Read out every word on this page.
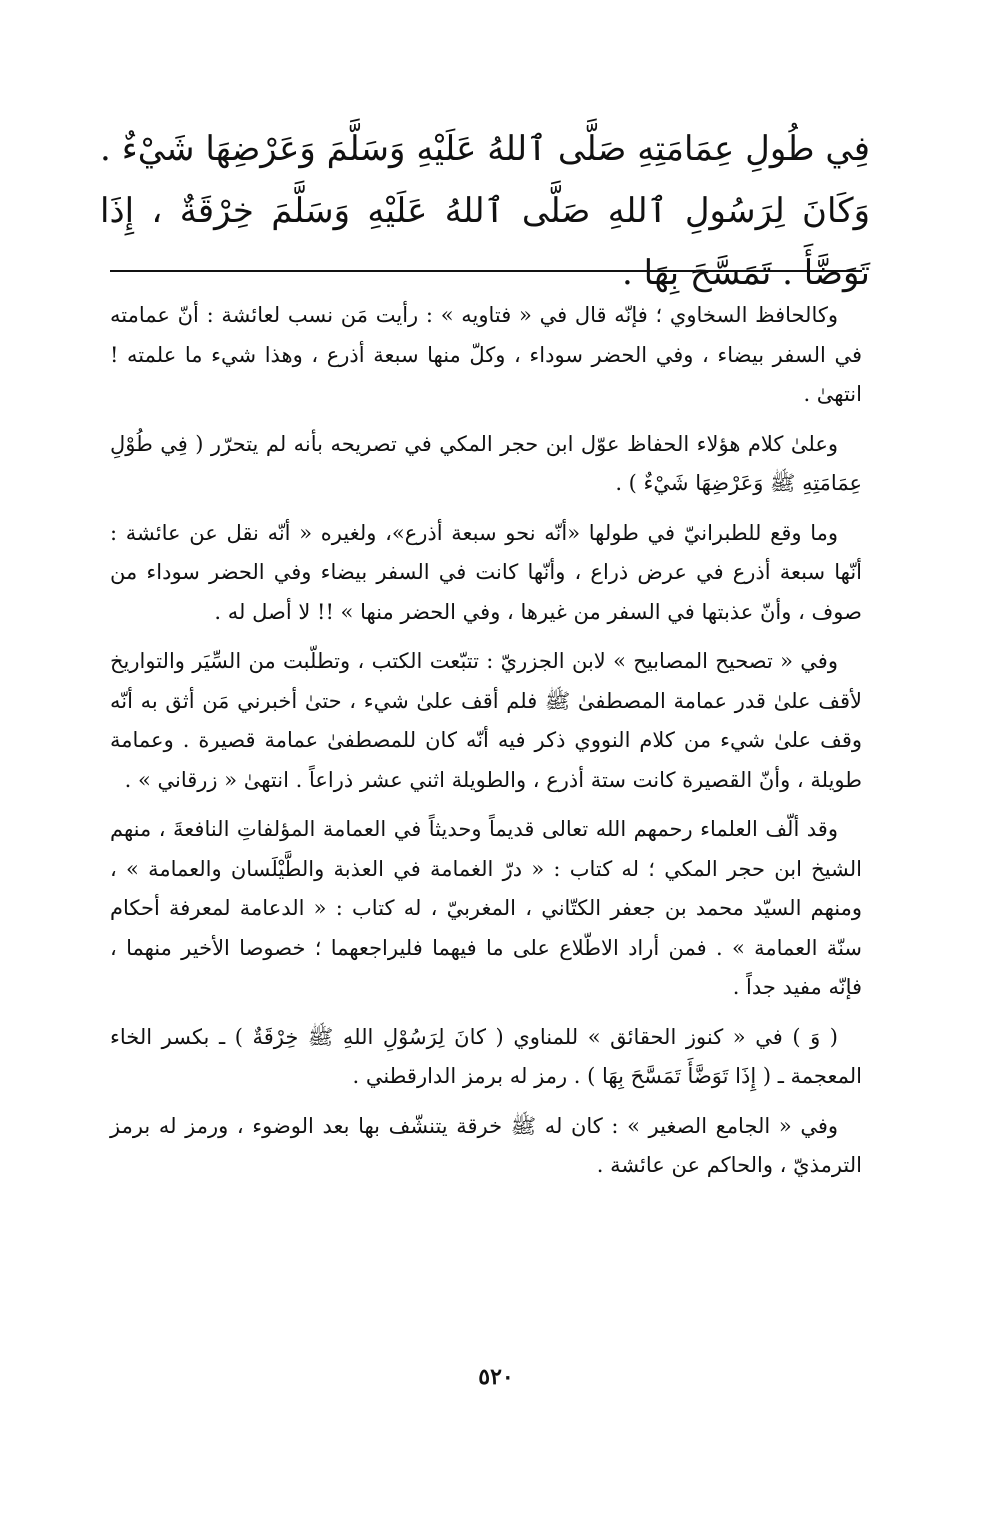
فِي طُولِ عِمَامَتِهِ صَلَّى ٱللهُ عَلَيْهِ وَسَلَّمَ وَعَرْضِهَا شَيْءٌ . وَكَانَ لِرَسُولِ ٱللهِ صَلَّى ٱللهُ عَلَيْهِ وَسَلَّمَ خِرْقَةٌ ، إِذَا تَوَضَّأَ . تَمَسَّحَ بِهَا .

وكالحافظ السخاوي ؛ فإنّه قال في « فتاويه » : رأيت مَن نسب لعائشة : أنّ عمامته في السفر بيضاء ، وفي الحضر سوداء ، وكلّ منها سبعة أذرع ، وهذا شيء ما علمته ! انتهىٰ .

وعلىٰ كلام هؤلاء الحفاظ عوّل ابن حجر المكي في تصريحه بأنه لم يتحرّر ( فِي طُوْلِ عِمَامَتِهِ ﷺ وَعَرْضِهَا شَيْءٌ ) .

وما وقع للطبرانيّ في طولها «أنّه نحو سبعة أذرع»، ولغيره « أنّه نقل عن عائشة : أنّها سبعة أذرع في عرض ذراع ، وأنّها كانت في السفر بيضاء وفي الحضر سوداء من صوف ، وأنّ عذبتها في السفر من غيرها ، وفي الحضر منها » !! لا أصل له .

وفي « تصحيح المصابيح » لابن الجزريّ : تتبّعت الكتب ، وتطلّبت من السِّيَر والتواريخ لأقف علىٰ قدر عمامة المصطفىٰ ﷺ فلم أقف علىٰ شيء ، حتىٰ أخبرني مَن أثق به أنّه وقف علىٰ شيء من كلام النووي ذكر فيه أنّه كان للمصطفىٰ عمامة قصيرة . وعمامة طويلة ، وأنّ القصيرة كانت ستة أذرع ، والطويلة اثني عشر ذراعاً . انتهىٰ « زرقاني » .

وقد ألّف العلماء رحمهم الله تعالى قديماً وحديثاً في العمامة المؤلفاتِ النافعةَ ، منهم الشيخ ابن حجر المكي ؛ له كتاب : « درّ الغمامة في العذبة والطَّيْلَسان والعمامة » ، ومنهم السيّد محمد بن جعفر الكتّاني ، المغربيّ ، له كتاب : « الدعامة لمعرفة أحكام سنّة العمامة » . فمن أراد الاطّلاع على ما فيهما فليراجعهما ؛ خصوصا الأخير منهما ، فإنّه مفيد جداً .

( وَ ) في « كنوز الحقائق » للمناوي ( كانَ لِرَسُوْلِ اللهِ ﷺ خِرْقَةٌ ) ـ بكسر الخاء المعجمة ـ ( إِذَا تَوَضَّأَ تَمَسَّحَ بِهَا ) . رمز له برمز الدارقطني .

وفي « الجامع الصغير » : كان له ﷺ خرقة يتنشّف بها بعد الوضوء ، ورمز له برمز الترمذيّ ، والحاكم عن عائشة .

٥٢٠
